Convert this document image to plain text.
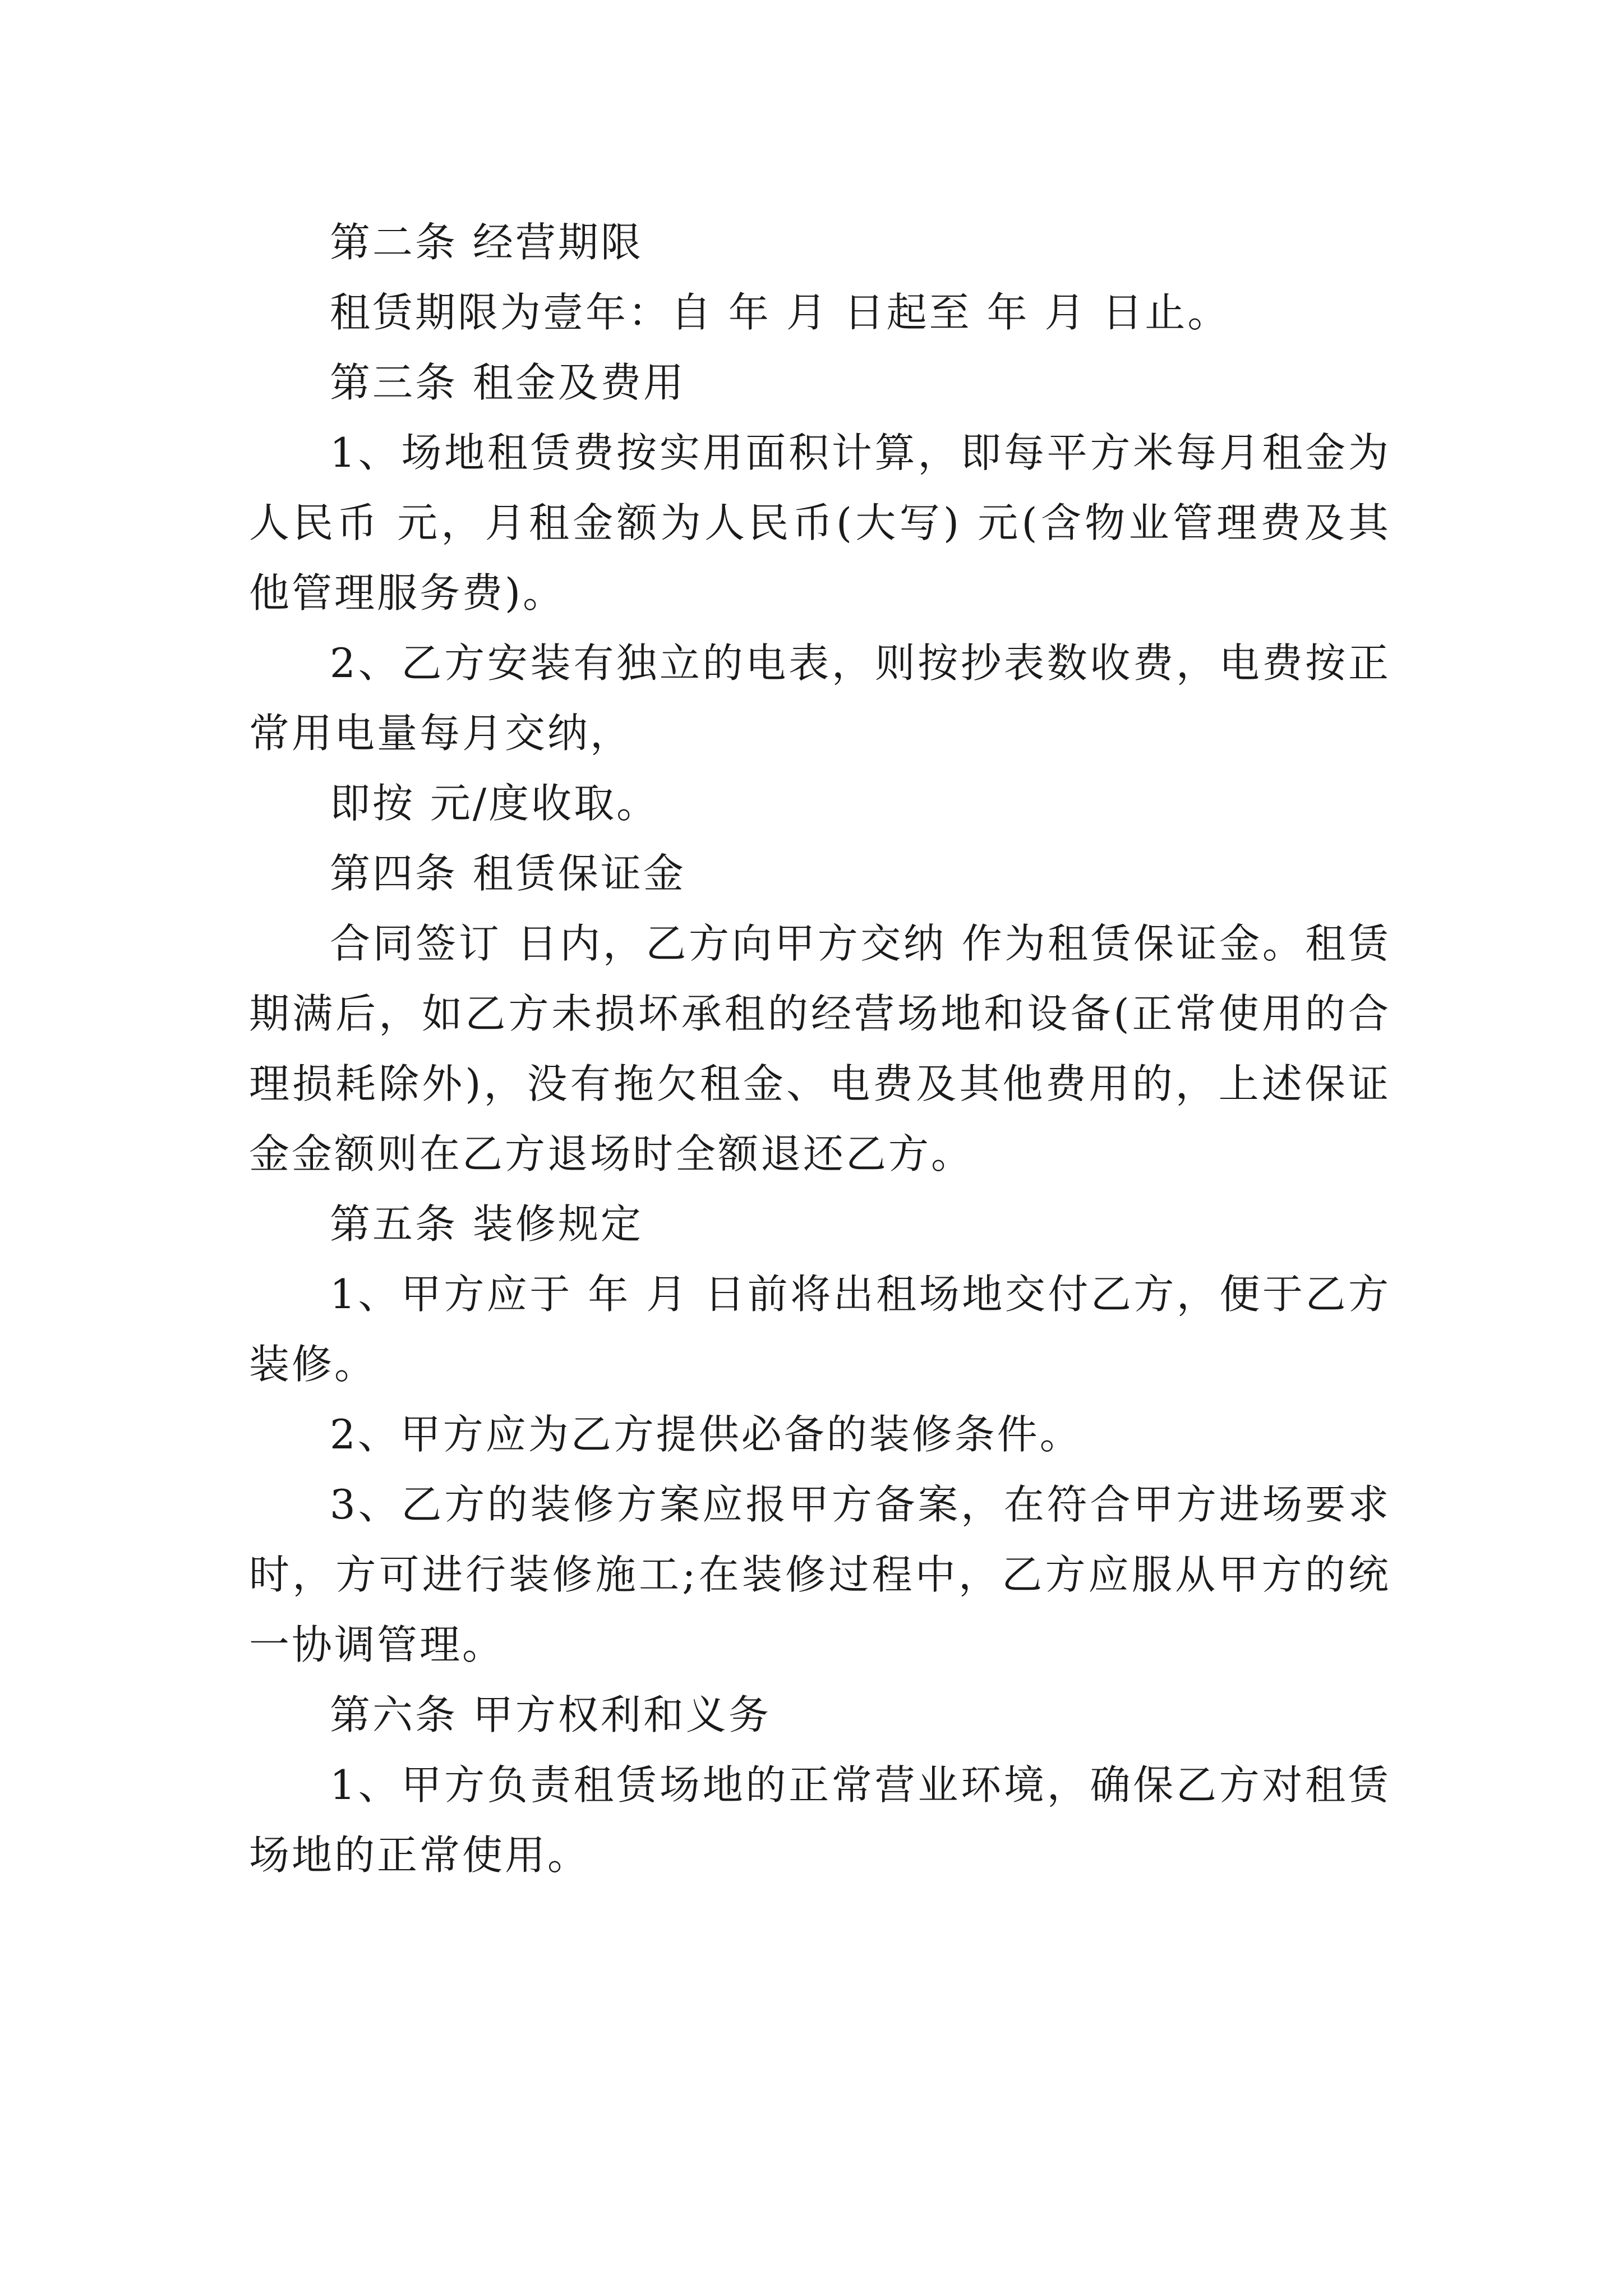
第二条 经营期限

租赁期限为壹年：自 年 月 日起至 年 月 日止。

第三条 租金及费用

1、场地租赁费按实用面积计算，即每平方米每月租金为人民币 元，月租金额为人民币(大写) 元(含物业管理费及其他管理服务费)。

2、乙方安装有独立的电表，则按抄表数收费，电费按正常用电量每月交纳，

即按 元/度收取。

第四条 租赁保证金

合同签订 日内，乙方向甲方交纳 作为租赁保证金。租赁期满后，如乙方未损坏承租的经营场地和设备(正常使用的合理损耗除外)，没有拖欠租金、电费及其他费用的，上述保证金金额则在乙方退场时全额退还乙方。

第五条 装修规定

1、甲方应于 年 月 日前将出租场地交付乙方，便于乙方装修。

2、甲方应为乙方提供必备的装修条件。

3、乙方的装修方案应报甲方备案，在符合甲方进场要求时，方可进行装修施工;在装修过程中，乙方应服从甲方的统一协调管理。

第六条 甲方权利和义务

1、甲方负责租赁场地的正常营业环境，确保乙方对租赁场地的正常使用。
